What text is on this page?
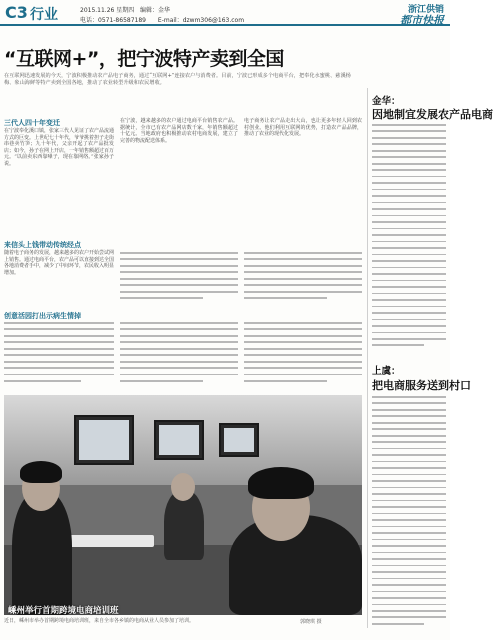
C3 行业	2015.11.26 星期四 编辑：金华
电话：0571-86587189 E-mail：dzwm306@163.com
浙江供销
都市快报
“互联网+”，把宁波特产卖到全国
在互联网迅速发展的今天，宁波积极推动农产品电子商务，通过“互联网+”连接农户与消费者。目前，宁波已形成多个电商平台，把奉化水蜜桃、慈溪杨梅、象山海鲜等特产卖到全国各地，推动了农业转型升级和农民增收。
三代人四十年变迁
在宁波奉化溪口镇，张家三代人见证了农产品流通方式的巨变。上世纪七十年代，爷爷挑着担子走街串巷卖竹笋；九十年代，父亲开起了农产品批发店；如今，孙子在网上开店，一年销售额超过百万元。“以前卖东西靠嗓子，现在靠网络。”张家孙子说。
在宁波，越来越多的农户通过电商平台销售农产品。据统计，全市已有农产品网店数千家，年销售额超过十亿元。当地政府也积极推动农村电商发展，建立了完善的物流配送体系。
电子商务让农产品走出大山，也让更多年轻人回到农村创业。他们利用互联网的优势，打造农产品品牌，推动了农业的现代化发展。
来信头上钱带动传统经点
随着电子商务的发展，越来越多的农户开始尝试网上销售。通过电商平台，农产品可以直接到达全国各地消费者手中，减少了中间环节，农民收入明显增加。
创意活园打出示病生情掉
金华：
因地制宜发展农产品电商
上虞：
把电商服务送到村口
嵊州举行首期跨境电商培训班
近日，嵊州市举办首期跨境电商培训班，来自全市各乡镇的电商从业人员参加了培训。	郭晓琪 摄
